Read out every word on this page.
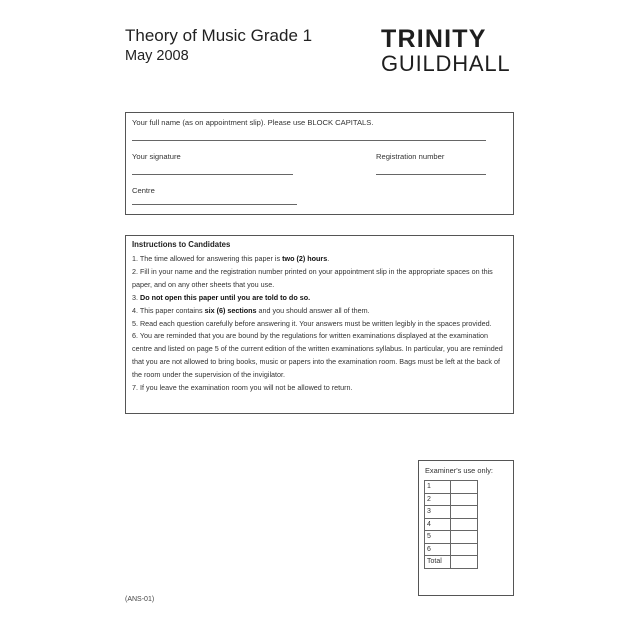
Theory of Music Grade 1
May 2008
TRINITY
GUILDHALL
Your full name (as on appointment slip). Please use BLOCK CAPITALS.
Your signature	Registration number
Centre
Instructions to Candidates
1. The time allowed for answering this paper is two (2) hours.
2. Fill in your name and the registration number printed on your appointment slip in the appropriate spaces on this paper, and on any other sheets that you use.
3. Do not open this paper until you are told to do so.
4. This paper contains six (6) sections and you should answer all of them.
5. Read each question carefully before answering it. Your answers must be written legibly in the spaces provided.
6. You are reminded that you are bound by the regulations for written examinations displayed at the examination centre and listed on page 5 of the current edition of the written examinations syllabus. In particular, you are reminded that you are not allowed to bring books, music or papers into the examination room. Bags must be left at the back of the room under the supervision of the invigilator.
7. If you leave the examination room you will not be allowed to return.
Examiner's use only:
1	
2	
3	
4	
5	
6	
Total	
(ANS-01)
